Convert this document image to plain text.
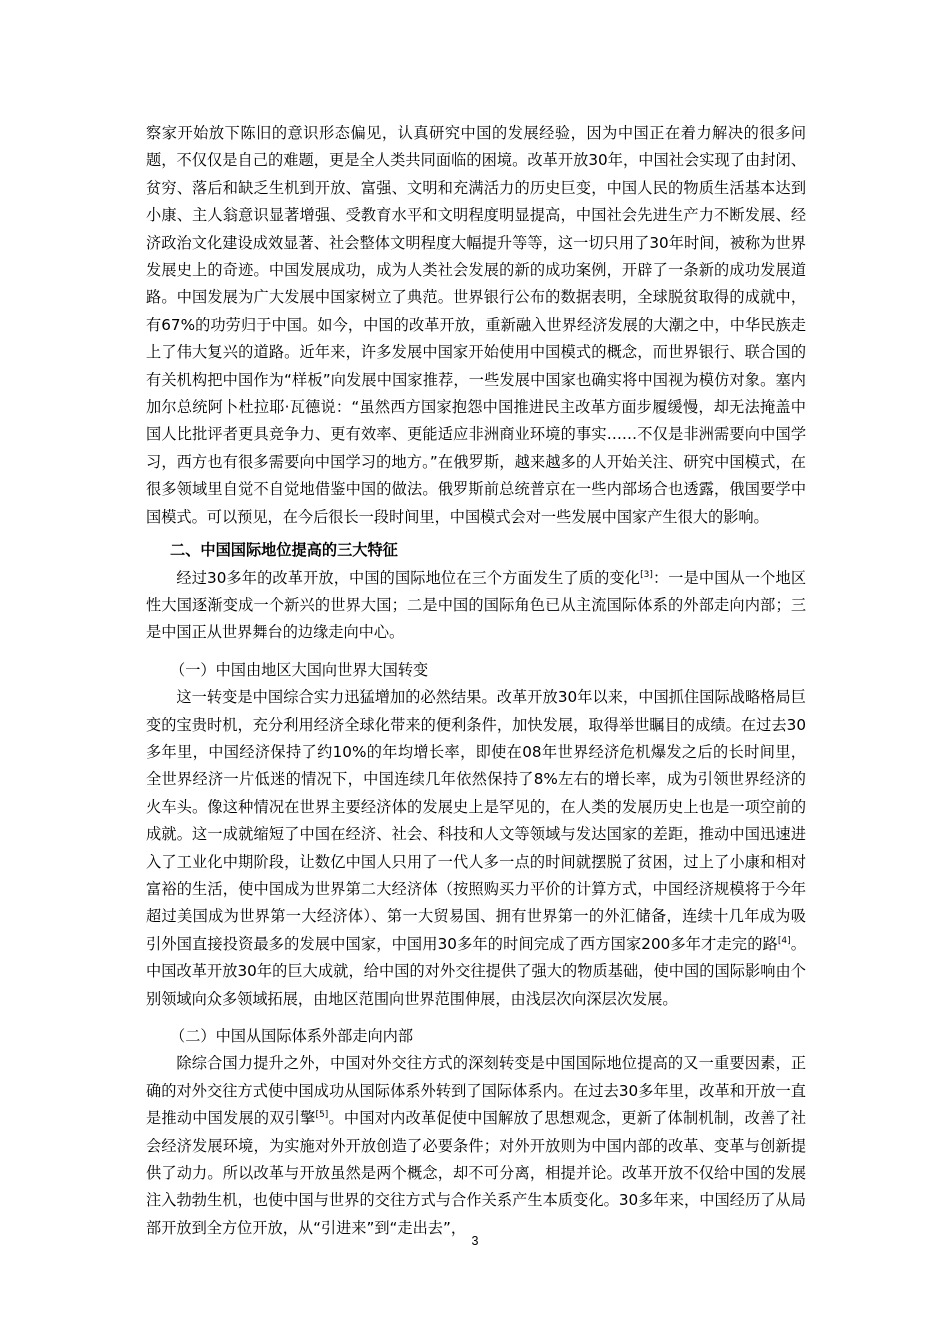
察家开始放下陈旧的意识形态偏见，认真研究中国的发展经验，因为中国正在着力解决的很多问题，不仅仅是自己的难题，更是全人类共同面临的困境。改革开放30年，中国社会实现了由封闭、贫穷、落后和缺乏生机到开放、富强、文明和充满活力的历史巨变，中国人民的物质生活基本达到小康、主人翁意识显著增强、受教育水平和文明程度明显提高，中国社会先进生产力不断发展、经济政治文化建设成效显著、社会整体文明程度大幅提升等等，这一切只用了30年时间，被称为世界发展史上的奇迹。中国发展成功，成为人类社会发展的新的成功案例，开辟了一条新的成功发展道路。中国发展为广大发展中国家树立了典范。世界银行公布的数据表明，全球脱贫取得的成就中，有67%的功劳归于中国。如今，中国的改革开放，重新融入世界经济发展的大潮之中，中华民族走上了伟大复兴的道路。近年来，许多发展中国家开始使用中国模式的概念，而世界银行、联合国的有关机构把中国作为“样板”向发展中国家推荐，一些发展中国家也确实将中国视为模仿对象。塞内加尔总统阿卜杜拉耶·瓦德说：“虽然西方国家抱怨中国推进民主改革方面步履缓慢，却无法掩盖中国人比批评者更具竞争力、更有效率、更能适应非洲商业环境的事实……不仅是非洲需要向中国学习，西方也有很多需要向中国学习的地方。”在俄罗斯，越来越多的人开始关注、研究中国模式，在很多领域里自觉不自觉地借鉴中国的做法。俄罗斯前总统普京在一些内部场合也透露，俄国要学中国模式。可以预见，在今后很长一段时间里，中国模式会对一些发展中国家产生很大的影响。

二、中国国际地位提高的三大特征

经过30多年的改革开放，中国的国际地位在三个方面发生了质的变化[3]：一是中国从一个地区性大国逐渐变成一个新兴的世界大国；二是中国的国际角色已从主流国际体系的外部走向内部；三是中国正从世界舞台的边缘走向中心。

（一）中国由地区大国向世界大国转变

这一转变是中国综合实力迅猛增加的必然结果。改革开放30年以来，中国抓住国际战略格局巨变的宝贵时机，充分利用经济全球化带来的便利条件，加快发展，取得举世瞩目的成绩。在过去30多年里，中国经济保持了约10%的年均增长率，即使在08年世界经济危机爆发之后的长时间里，全世界经济一片低迷的情况下，中国连续几年依然保持了8%左右的增长率，成为引领世界经济的火车头。像这种情况在世界主要经济体的发展史上是罕见的，在人类的发展历史上也是一项空前的成就。这一成就缩短了中国在经济、社会、科技和人文等领域与发达国家的差距，推动中国迅速进入了工业化中期阶段，让数亿中国人只用了一代人多一点的时间就摆脱了贫困，过上了小康和相对富裕的生活，使中国成为世界第二大经济体（按照购买力平价的计算方式，中国经济规模将于今年超过美国成为世界第一大经济体）、第一大贸易国、拥有世界第一的外汇储备，连续十几年成为吸引外国直接投资最多的发展中国家，中国用30多年的时间完成了西方国家200多年才走完的路[4]。中国改革开放30年的巨大成就，给中国的对外交往提供了强大的物质基础，使中国的国际影响由个别领域向众多领域拓展，由地区范围向世界范围伸展，由浅层次向深层次发展。

（二）中国从国际体系外部走向内部

除综合国力提升之外，中国对外交往方式的深刻转变是中国国际地位提高的又一重要因素，正确的对外交往方式使中国成功从国际体系外转到了国际体系内。在过去30多年里，改革和开放一直是推动中国发展的双引擎[5]。中国对内改革促使中国解放了思想观念，更新了体制机制，改善了社会经济发展环境，为实施对外开放创造了必要条件；对外开放则为中国内部的改革、变革与创新提供了动力。所以改革与开放虽然是两个概念，却不可分离，相提并论。改革开放不仅给中国的发展注入勃勃生机，也使中国与世界的交往方式与合作关系产生本质变化。30多年来，中国经历了从局部开放到全方位开放，从“引进来”到“走出去”，

3
